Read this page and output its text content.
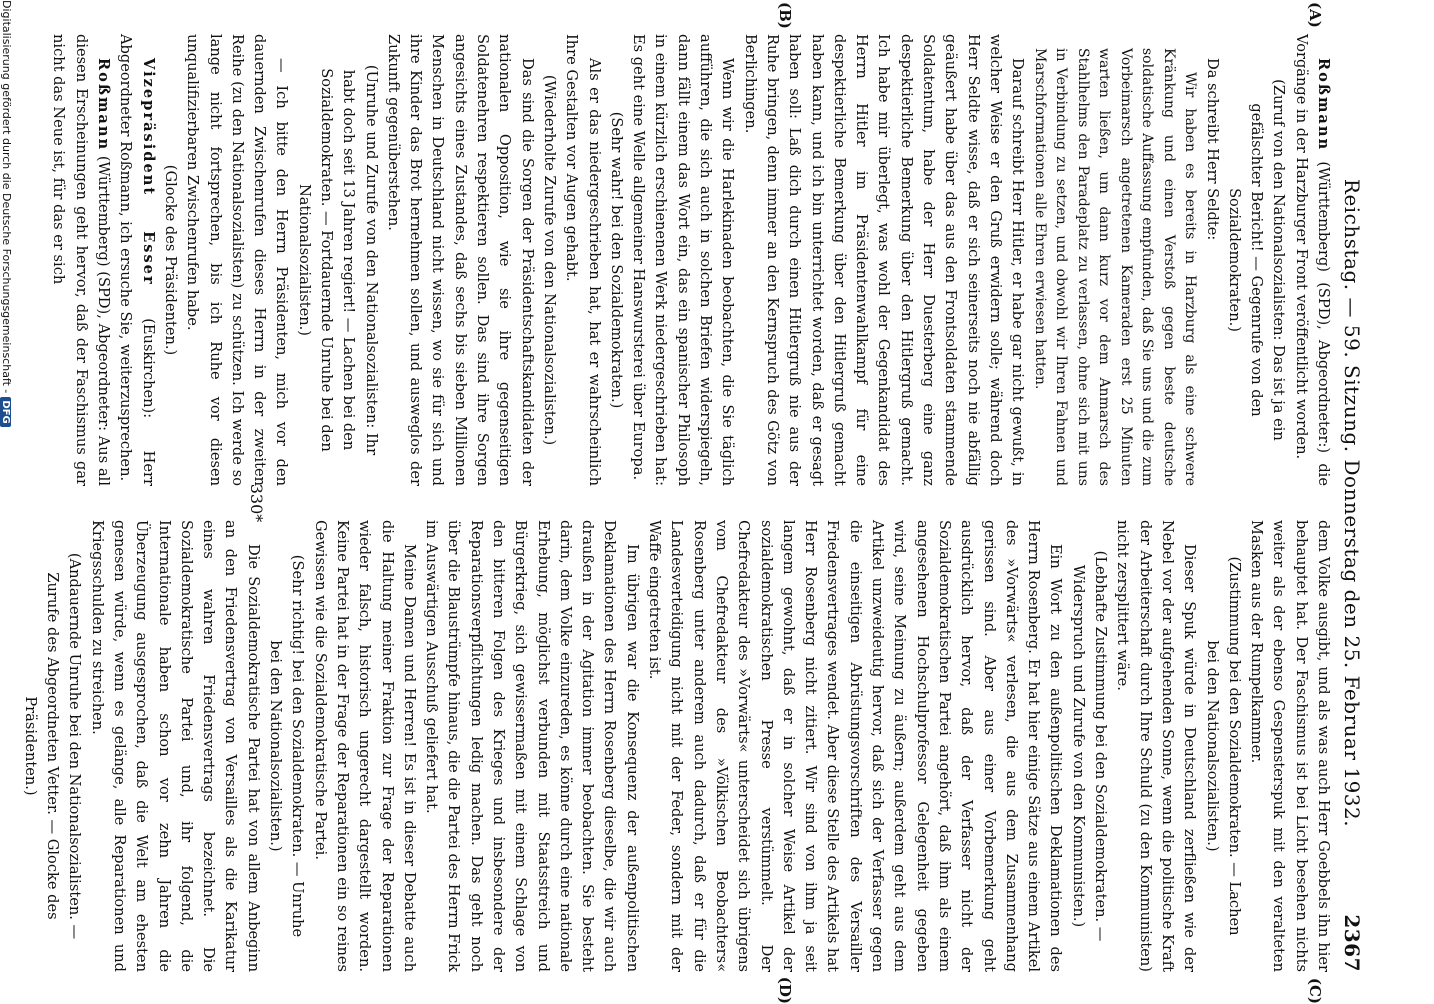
Reichstag. — 59. Sitzung. Donnerstag den 25. Februar 1932.
2367
(A)
(B)
(C)
(D)

Roßmann (Württemberg) (SPD), Abgeordneter:) die Vorgänge in der Harzburger Front veröffentlicht worden.

(Zuruf von den Nationalsozialisten: Das ist ja ein gefälschter Bericht! — Gegenrufe von den Sozialdemokraten.)

Da schreibt Herr Seldte:

Wir haben es bereits in Harzburg als eine schwere Kränkung und einen Verstoß gegen beste deutsche soldatische Auffassung empfunden, daß Sie uns und die zum Vorbeimarsch angetretenen Kameraden erst 25 Minuten warten ließen, um dann kurz vor dem Anmarsch des Stahlhelms den Paradeplatz zu verlassen, ohne sich mit uns in Verbindung zu setzen, und obwohl wir Ihren Fahnen und Marschformationen alle Ehren erwiesen hatten.

Darauf schreibt Herr Hitler, er habe gar nicht gewußt, in welcher Weise er den Gruß erwidern solle; während doch Herr Seldte wisse, daß er sich seinerseits noch nie abfällig geäußert habe über das aus den Frontsoldaten stammende Soldatentum, habe der Herr Duesterberg eine ganz despektierliche Bemerkung über den Hitlergruß gemacht. Ich habe mir überlegt, was wohl der Gegenkandidat des Herrn Hitler im Präsidentenwahlkampf für eine despektierliche Bemerkung über den Hitlergruß gemacht haben kann, und ich bin unterrichtet worden, daß er gesagt haben soll: Laß dich durch einen Hitlergruß nie aus der Ruhe bringen, denn immer an den Kernspruch des Götz von Berlichingen.

Wenn wir die Harlekinaden beobachten, die Sie täglich aufführen, die sich auch in solchen Briefen widerspiegeln, dann fällt einem das Wort ein, das ein spanischer Philosoph in einem kürzlich erschienenen Werk niedergeschrieben hat: Es geht eine Welle allgemeiner Hanswursterei über Europa.

(Sehr wahr! bei den Sozialdemokraten.)

Als er das niedergeschrieben hat, hat er wahrscheinlich Ihre Gestalten vor Augen gehabt.

(Wiederholte Zurufe von den Nationalsozialisten.)

Das sind die Sorgen der Präsidentschaftskandidaten der nationalen Opposition, wie sie ihre gegenseitigen Soldatenehren respektieren sollen. Das sind ihre Sorgen angesichts eines Zustandes, daß sechs bis sieben Millionen Menschen in Deutschland nicht wissen, wo sie für sich und ihre Kinder das Brot hernehmen sollen, und ausweglos der Zukunft gegenüberstehen.

(Unruhe und Zurufe von den Nationalsozialisten: Ihr habt doch seit 13 Jahren regiert! — Lachen bei den Sozialdemokraten. — Fortdauernde Unruhe bei den Nationalsozialisten.)

— Ich bitte den Herrn Präsidenten, mich vor den dauernden Zwischenrufen dieses Herrn in der zweiten Reihe (zu den Nationalsozialisten) zu schützen. Ich werde so lange nicht fortsprechen, bis ich Ruhe vor diesen unqualifizierbaren Zwischenrufen habe.

(Glocke des Präsidenten.)

Vizepräsident Esser (Euskirchen): Herr Abgeordneter Roßmann, ich ersuche Sie, weiterzusprechen.

Roßmann (Württemberg) (SPD), Abgeordneter: Aus all diesen Erscheinungen geht hervor, daß der Faschismus gar nicht das Neue ist, für das er sich

dem Volke ausgibt, und als was auch Herr Goebbels ihn hier behauptet hat. Der Faschismus ist bei Licht besehen nichts weiter als der ebenso Gespensterspuk mit den veralteten Masken aus der Rumpelkammer.

(Zustimmung bei den Sozialdemokraten. — Lachen bei den Nationalsozialisten.)

Dieser Spuk würde in Deutschland zerfließen wie der Nebel vor der aufgehenden Sonne, wenn die politische Kraft der Arbeiterschaft durch Ihre Schuld (zu den Kommunisten) nicht zersplittert wäre.

(Lebhafte Zustimmung bei den Sozialdemokraten. — Widerspruch und Zurufe von den Kommunisten.)

Ein Wort zu den außenpolitischen Deklamationen des Herrn Rosenberg. Er hat hier einige Sätze aus einem Artikel des »Vorwärts« verlesen, die aus dem Zusammenhang gerissen sind. Aber aus einer Vorbemerkung geht ausdrücklich hervor, daß der Verfasser nicht der Sozialdemokratischen Partei angehört, daß ihm als einem angesehenen Hochschulprofessor Gelegenheit gegeben wird, seine Meinung zu äußern; außerdem geht aus dem Artikel unzweideutig hervor, daß sich der Verfasser gegen die einseitigen Abrüstungsvorschriften des Versailler Friedensvertrages wendet. Aber diese Stelle des Artikels hat Herr Rosenberg nicht zitiert. Wir sind von ihm ja seit langem gewohnt, daß er in solcher Weise Artikel der sozialdemokratischen Presse verstümmelt. Der Chefredakteur des »Vorwärts« unterscheidet sich übrigens vom Chefredakteur des »Völkischen Beobachters« Rosenberg unter anderem auch dadurch, daß er für die Landesverteidigung nicht mit der Feder, sondern mit der Waffe eingetreten ist.

Im übrigen war die Konsequenz der außenpolitischen Deklamationen des Herrn Rosenberg dieselbe, die wir auch draußen in der Agitation immer beobachten. Sie besteht darin, dem Volke einzureden, es könne durch eine nationale Erhebung, möglichst verbunden mit Staatsstreich und Bürgerkrieg, sich gewissermaßen mit einem Schlage von den bitteren Folgen des Krieges und insbesondere der Reparationsverpflichtungen ledig machen. Das geht noch über die Blaustrümpfe hinaus, die die Partei des Herrn Frick im Auswärtigen Ausschuß geliefert hat.

Meine Damen und Herren! Es ist in dieser Debatte auch die Haltung meiner Fraktion zur Frage der Reparationen wieder falsch, historisch ungerecht dargestellt worden. Keine Partei hat in der Frage der Reparationen ein so reines Gewissen wie die Sozialdemokratische Partei.

(Sehr richtig! bei den Sozialdemokraten. — Unruhe bei den Nationalsozialisten.)

Die Sozialdemokratische Partei hat von allem Anbeginn an den Friedensvertrag von Versailles als die Karikatur eines wahren Friedensvertrags bezeichnet. Die Sozialdemokratische Partei und, ihr folgend, die Internationale haben schon vor zehn Jahren die Überzeugung ausgesprochen, daß die Welt am ehesten genesen würde, wenn es gelänge, alle Reparationen und Kriegsschulden zu streichen.

(Andauernde Unruhe bei den Nationalsozialisten. — Zurufe des Abgeordneten Vetter. — Glocke des Präsidenten.)

330*
Digitalisierung gefördert durch die Deutsche Forschungsgemeinschaft -DFG
